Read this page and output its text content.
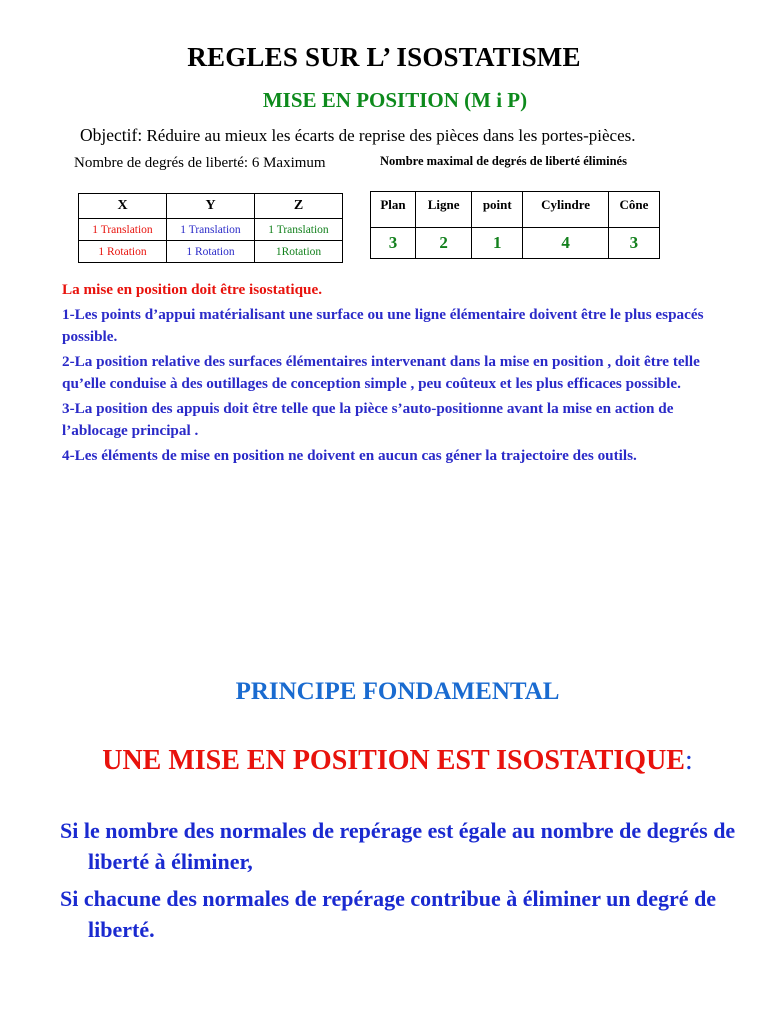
REGLES SUR L’ ISOSTATISME
MISE EN POSITION (M i P)
Objectif: Réduire au mieux les écarts de reprise des pièces dans les portes-pièces.
Nombre de degrés de liberté: 6 Maximum	Nombre maximal de degrés de liberté éliminés
X	Y	Z
1 Translation	1 Translation	1 Translation
1 Rotation	1 Rotation	1Rotation
Plan	Ligne	point	Cylindre	Cône
3	2	1	4	3
La mise en position doit être isostatique.
1-Les points d’appui matérialisant une surface ou une ligne élémentaire doivent être le plus espacés possible.
2-La position relative des surfaces élémentaires intervenant dans la mise en position , doit être telle qu’elle conduise à des outillages de conception simple , peu coûteux et les plus efficaces possible.
3-La position des appuis doit être telle que la pièce s’auto-positionne avant la mise en action de l’ablocage principal .
4-Les éléments de mise en position ne doivent en aucun cas géner la trajectoire des outils.
PRINCIPE FONDAMENTAL
UNE MISE EN POSITION EST ISOSTATIQUE:
Si le nombre des normales de repérage est égale au nombre de degrés de liberté à éliminer,
Si chacune des normales de repérage contribue à éliminer un degré de liberté.
